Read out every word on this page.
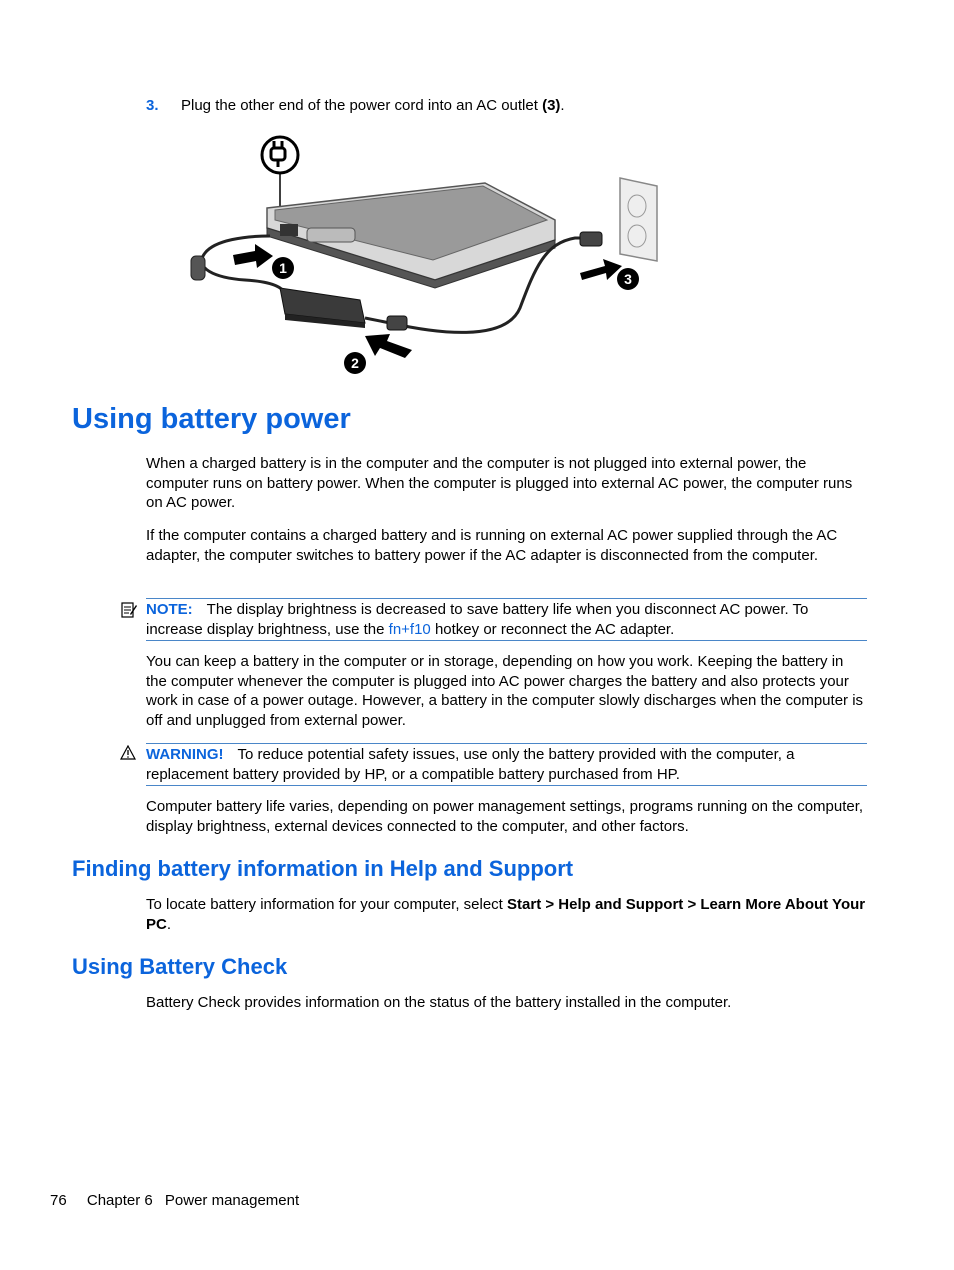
3. Plug the other end of the power cord into an AC outlet (3).
1
2
3
Using battery power

When a charged battery is in the computer and the computer is not plugged into external power, the computer runs on battery power. When the computer is plugged into external AC power, the computer runs on AC power.

If the computer contains a charged battery and is running on external AC power supplied through the AC adapter, the computer switches to battery power if the AC adapter is disconnected from the computer.

NOTE: The display brightness is decreased to save battery life when you disconnect AC power. To increase display brightness, use the fn+f10 hotkey or reconnect the AC adapter.

You can keep a battery in the computer or in storage, depending on how you work. Keeping the battery in the computer whenever the computer is plugged into AC power charges the battery and also protects your work in case of a power outage. However, a battery in the computer slowly discharges when the computer is off and unplugged from external power.

WARNING! To reduce potential safety issues, use only the battery provided with the computer, a replacement battery provided by HP, or a compatible battery purchased from HP.

Computer battery life varies, depending on power management settings, programs running on the computer, display brightness, external devices connected to the computer, and other factors.

Finding battery information in Help and Support

To locate battery information for your computer, select Start > Help and Support > Learn More About Your PC.

Using Battery Check

Battery Check provides information on the status of the battery installed in the computer.

76 Chapter 6 Power management
